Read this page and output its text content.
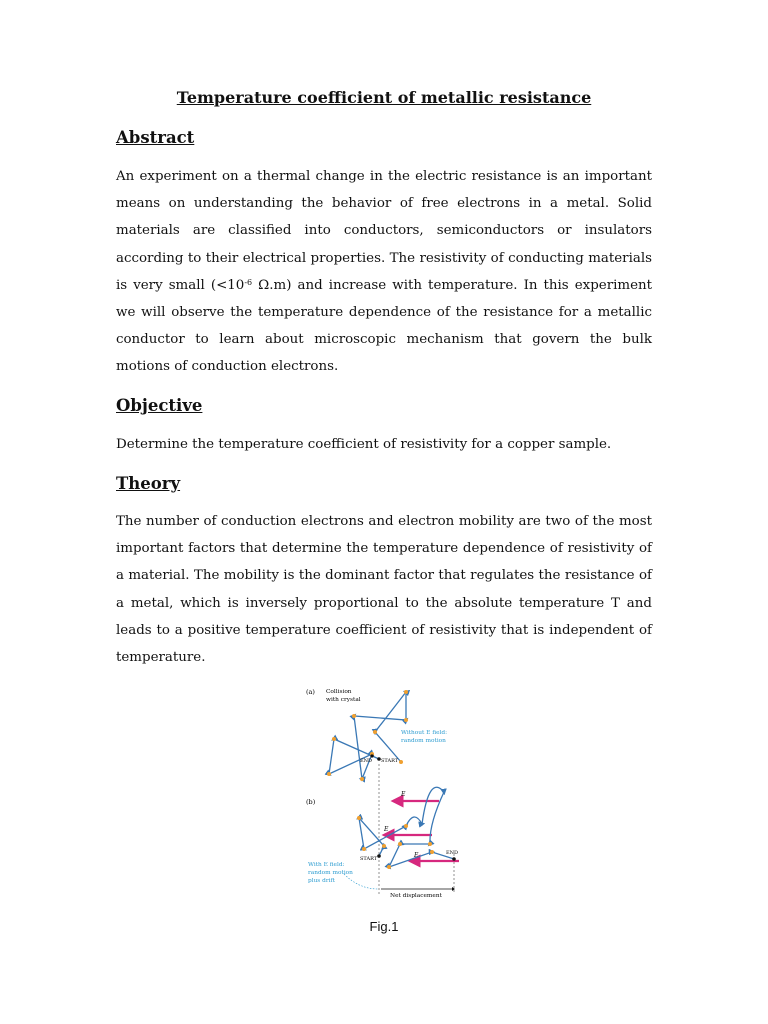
Temperature coefficient of metallic resistance
Abstract

An experiment on a thermal change in the electric resistance is an important means on understanding the behavior of free electrons in a metal. Solid materials are classified into conductors, semiconductors or insulators according to their electrical properties. The resistivity of conducting materials is very small ($<10^{-6}$ Ω.m) and increase with temperature. In this experiment we will observe the temperature dependence of the resistance for a metallic conductor to learn about microscopic mechanism that govern the bulk motions of conduction electrons.

Objective

Determine the temperature coefficient of resistivity for a copper sample.

Theory

The number of conduction electrons and electron mobility are two of the most important factors that determine the temperature dependence of resistivity of a material. The mobility is the dominant factor that regulates the resistance of a metal, which is inversely proportional to the absolute temperature T and leads to a positive temperature coefficient of resistivity that is independent of temperature.

(a) Collision
with crystal
END START
Without E field:
random motion
(b)
E
E
E
START
END
With E field:
random motion
plus drift
Net displacement
Fig.1
